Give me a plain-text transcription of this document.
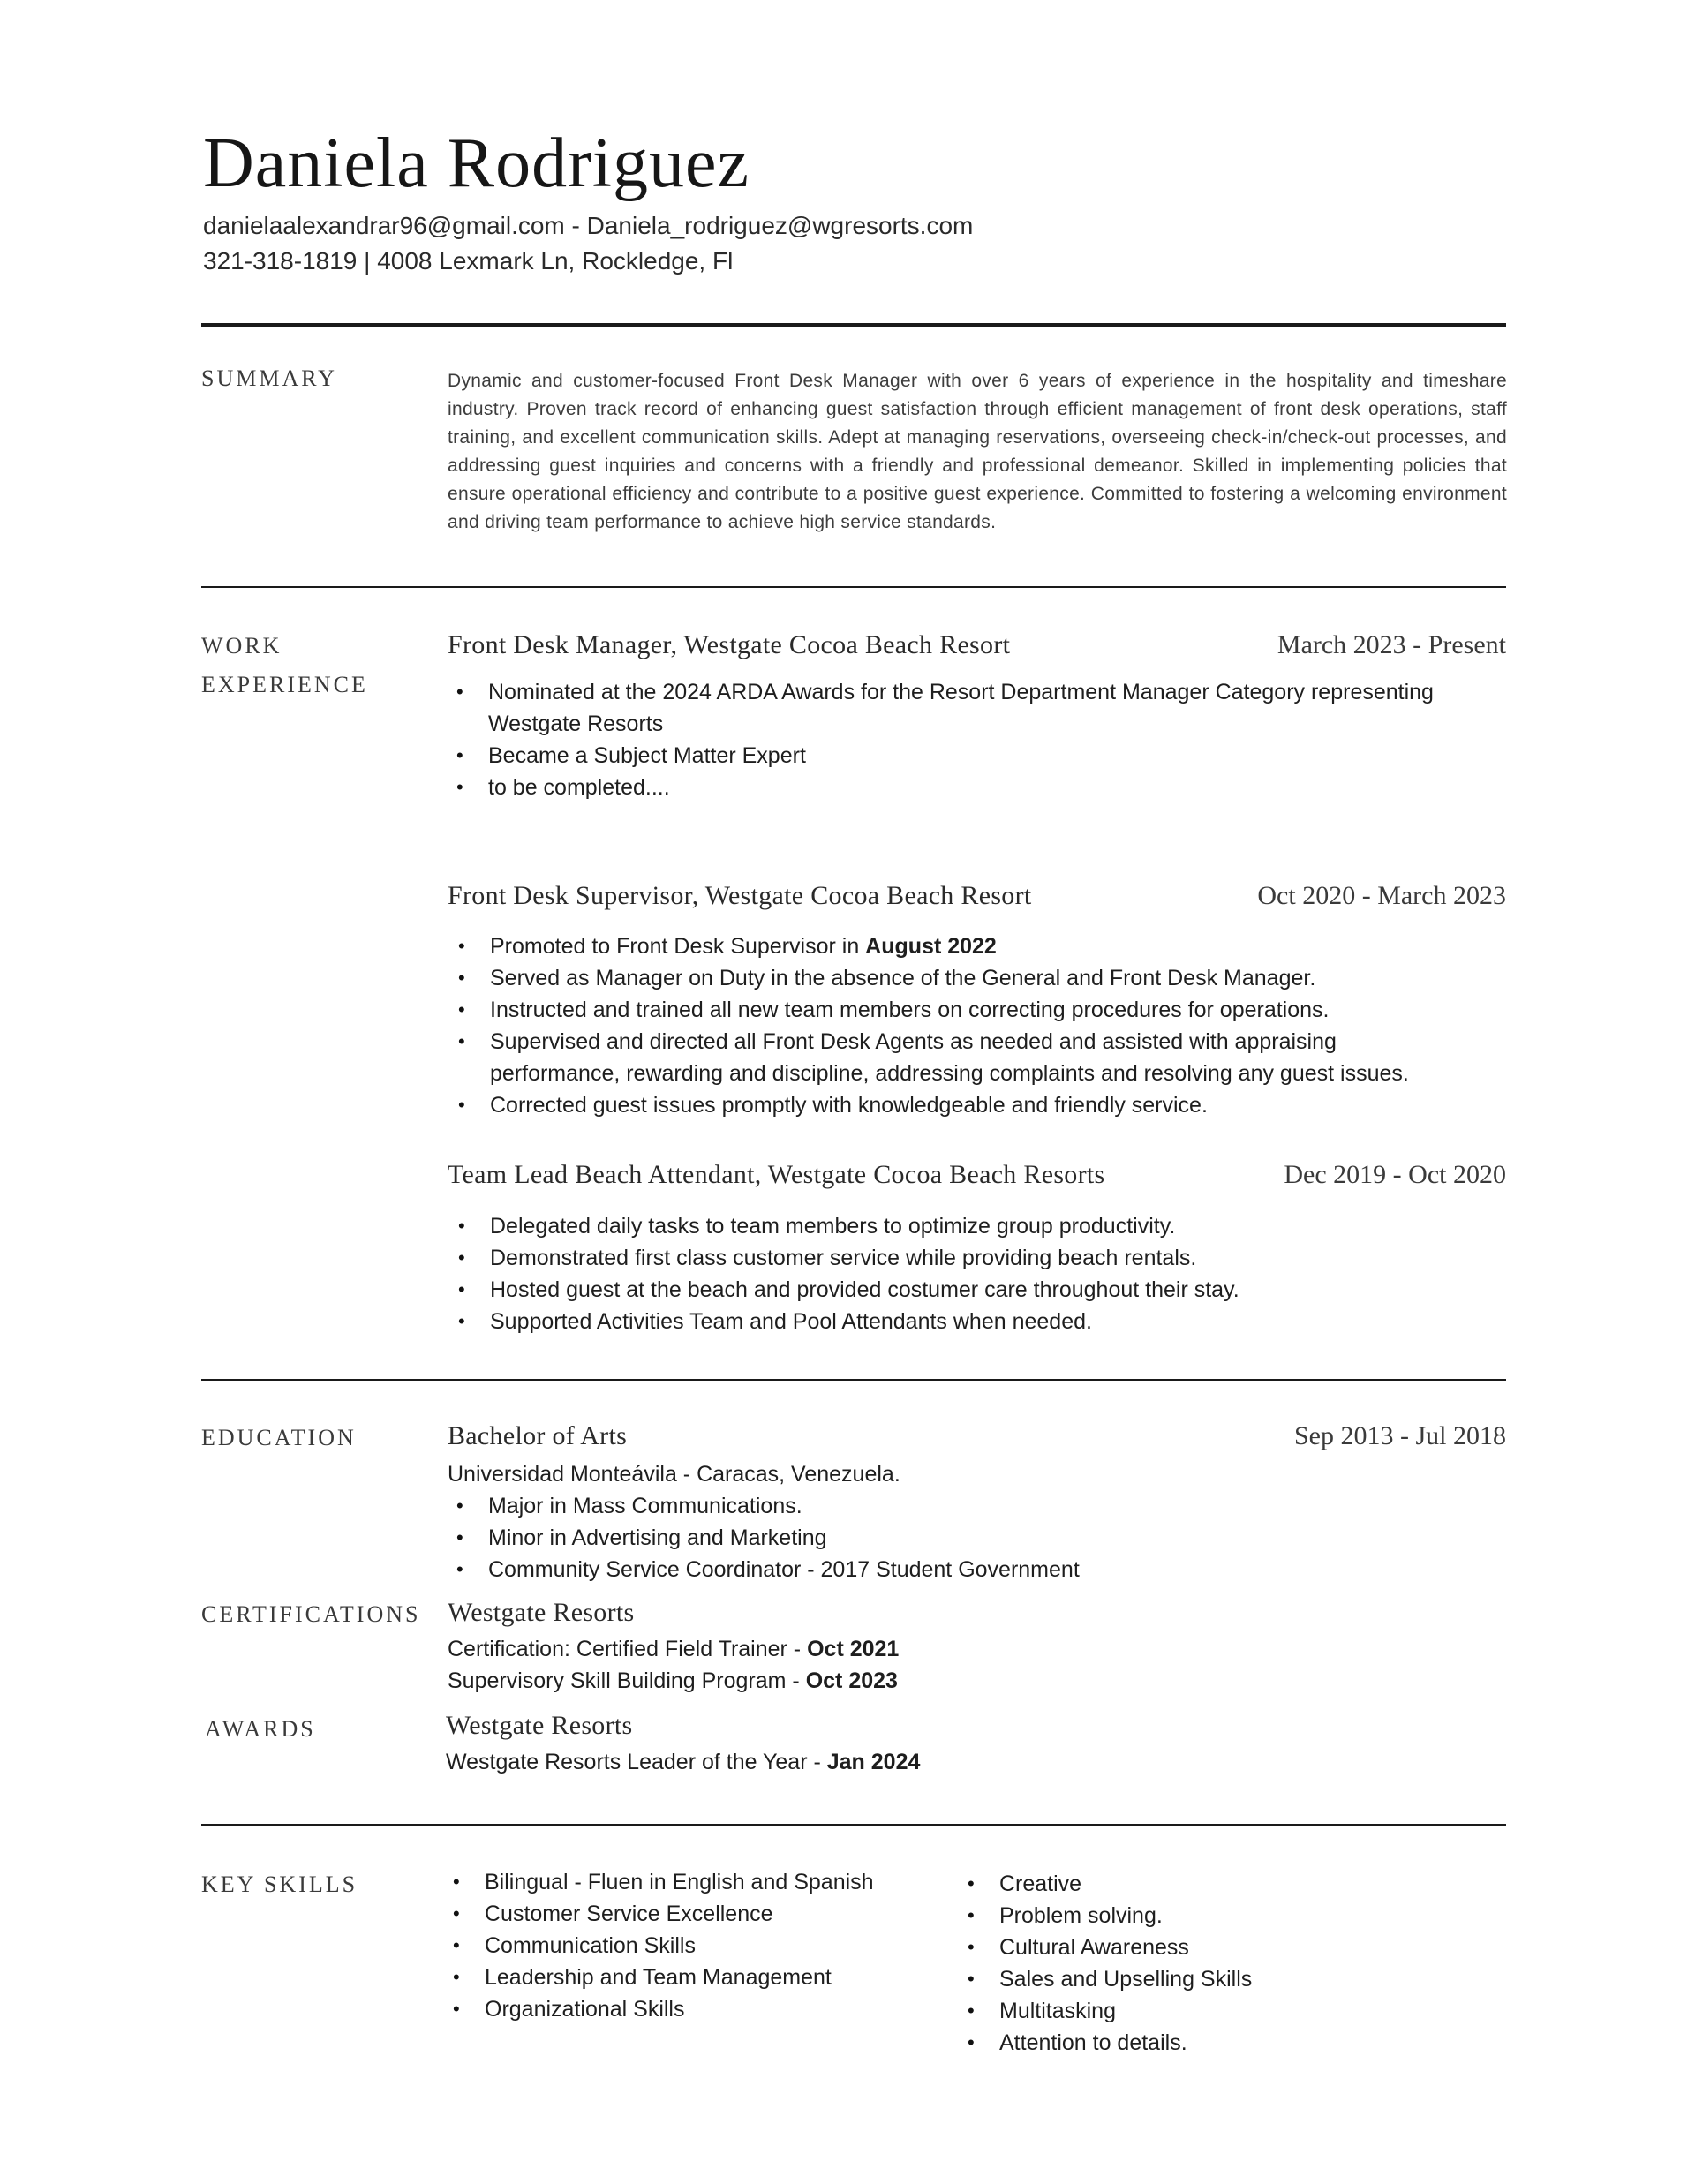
Daniela Rodriguez
danielaalexandrar96@gmail.com - Daniela_rodriguez@wgresorts.com
321-318-1819 | 4008 Lexmark Ln, Rockledge, Fl
SUMMARY	Dynamic and customer-focused Front Desk Manager with over 6 years of experience in the hospitality and timeshare industry. Proven track record of enhancing guest satisfaction through efficient management of front desk operations, staff training, and excellent communication skills. Adept at managing reservations, overseeing check-in/check-out processes, and addressing guest inquiries and concerns with a friendly and professional demeanor. Skilled in implementing policies that ensure operational efficiency and contribute to a positive guest experience. Committed to fostering a welcoming environment and driving team performance to achieve high service standards.
WORK
EXPERIENCE
Front Desk Manager, Westgate Cocoa Beach Resort	March 2023 - Present
• Nominated at the 2024 ARDA Awards for the Resort Department Manager Category representing Westgate Resorts
• Became a Subject Matter Expert
• to be completed....
Front Desk Supervisor, Westgate Cocoa Beach Resort	Oct 2020 - March 2023
• Promoted to Front Desk Supervisor in August 2022
• Served as Manager on Duty in the absence of the General and Front Desk Manager.
• Instructed and trained all new team members on correcting procedures for operations.
• Supervised and directed all Front Desk Agents as needed and assisted with appraising performance, rewarding and discipline, addressing complaints and resolving any guest issues.
• Corrected guest issues promptly with knowledgeable and friendly service.
Team Lead Beach Attendant, Westgate Cocoa Beach Resorts	Dec 2019 - Oct 2020
• Delegated daily tasks to team members to optimize group productivity.
• Demonstrated first class customer service while providing beach rentals.
• Hosted guest at the beach and provided costumer care throughout their stay.
• Supported Activities Team and Pool Attendants when needed.
EDUCATION	Bachelor of Arts	Sep 2013 - Jul 2018
Universidad Monteávila - Caracas, Venezuela.
• Major in Mass Communications.
• Minor in Advertising and Marketing
• Community Service Coordinator - 2017 Student Government
CERTIFICATIONS Westgate Resorts
Certification: Certified Field Trainer - Oct 2021
Supervisory Skill Building Program - Oct 2023
AWARDS	Westgate Resorts
Westgate Resorts Leader of the Year - Jan 2024
KEY SKILLS
•	Bilingual - Fluen in English and Spanish
• Customer Service Excellence
• Communication Skills
• Leadership and Team Management
• Organizational Skills
• Creative
• Problem solving.
• Cultural Awareness
• Sales and Upselling Skills
• Multitasking
• Attention to details.
